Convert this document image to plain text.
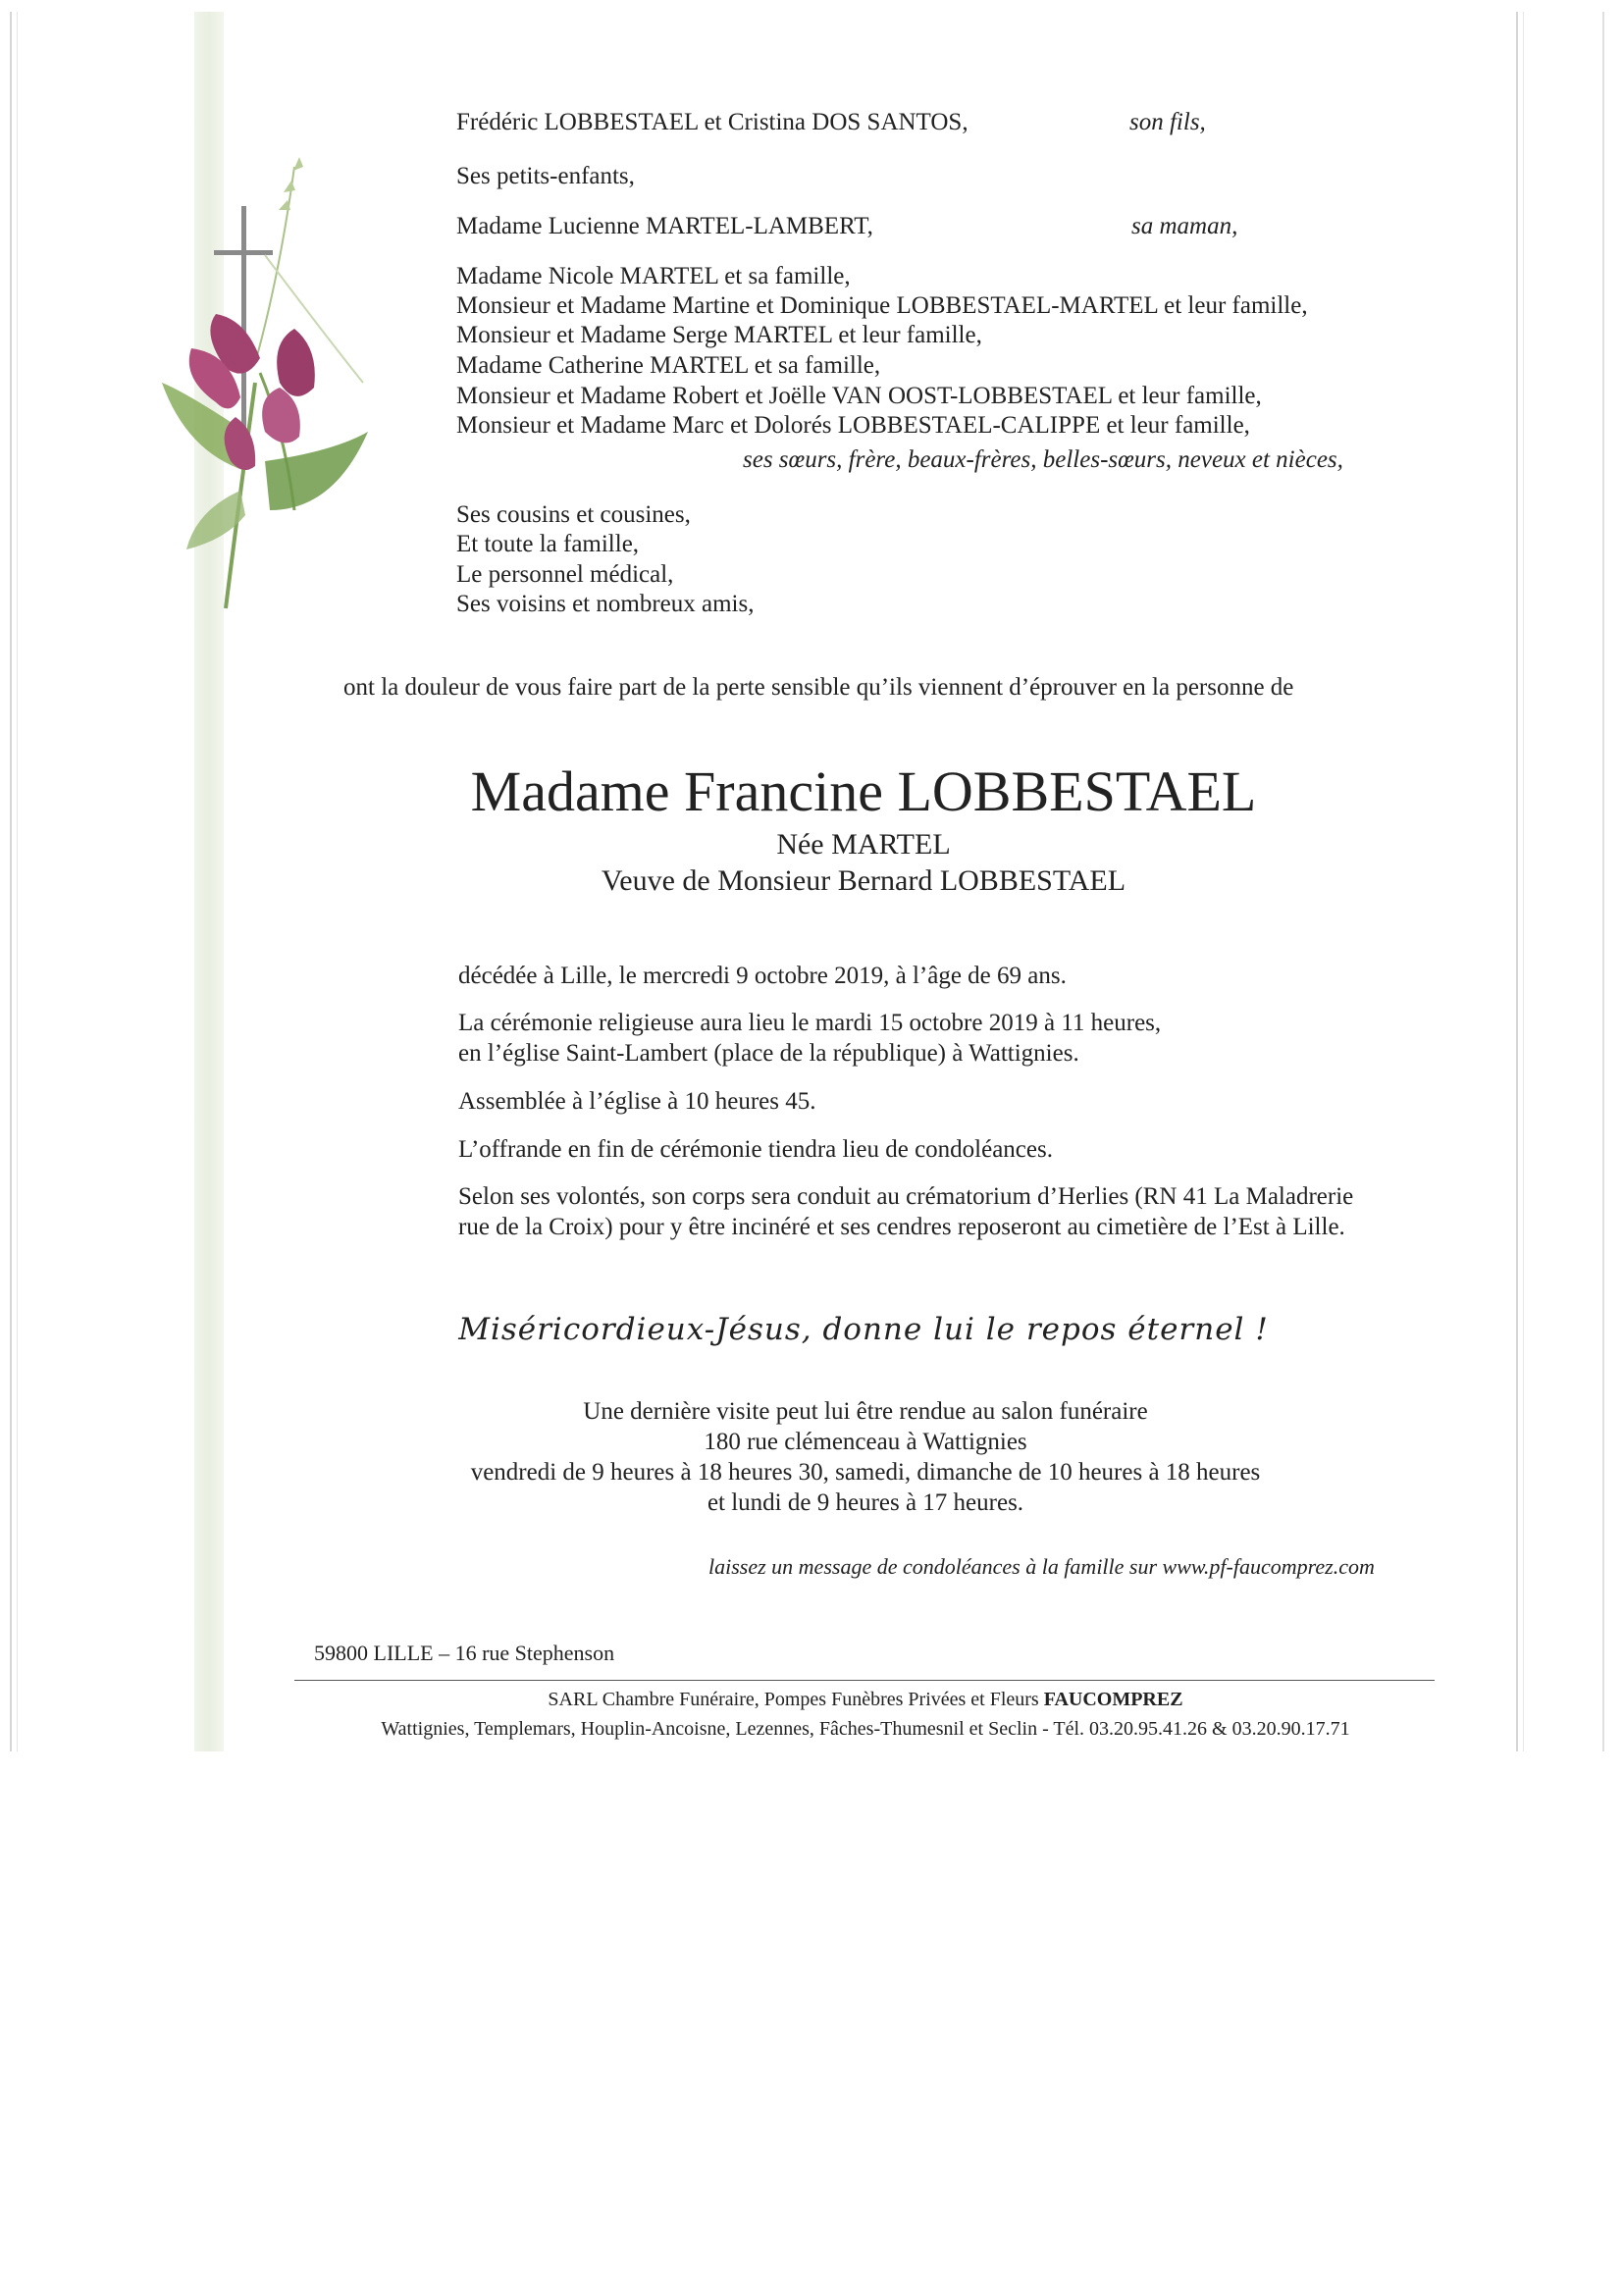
Frédéric LOBBESTAEL et Cristina DOS SANTOS,	son fils,
Ses petits-enfants,
Madame Lucienne MARTEL-LAMBERT,	sa maman,
Madame Nicole MARTEL et sa famille,
Monsieur et Madame Martine et Dominique LOBBESTAEL-MARTEL et leur famille,
Monsieur et Madame Serge MARTEL et leur famille,
Madame Catherine MARTEL et sa famille,
Monsieur et Madame Robert et Joëlle VAN OOST-LOBBESTAEL et leur famille,
Monsieur et Madame Marc et Dolorés LOBBESTAEL-CALIPPE et leur famille,
ses sœurs, frère, beaux-frères, belles-sœurs, neveux et nièces,
Ses cousins et cousines,
Et toute la famille,
Le personnel médical,
Ses voisins et nombreux amis,
ont la douleur de vous faire part de la perte sensible qu’ils viennent d’éprouver en la personne de
Madame Francine LOBBESTAEL
Née MARTEL
Veuve de Monsieur Bernard LOBBESTAEL
décédée à Lille, le mercredi 9 octobre 2019, à l’âge de 69 ans.
La cérémonie religieuse aura lieu le mardi 15 octobre 2019 à 11 heures,
en l’église Saint-Lambert (place de la république) à Wattignies.
Assemblée à l’église à 10 heures 45.
L’offrande en fin de cérémonie tiendra lieu de condoléances.
Selon ses volontés, son corps sera conduit au crématorium d’Herlies (RN 41 La Maladrerie
rue de la Croix) pour y être incinéré et ses cendres reposeront au cimetière de l’Est à Lille.
Miséricordieux-Jésus, donne lui le repos éternel !
Une dernière visite peut lui être rendue au salon funéraire
180 rue clémenceau à Wattignies
vendredi de 9 heures à 18 heures 30, samedi, dimanche de 10 heures à 18 heures
et lundi de 9 heures à 17 heures.
laissez un message de condoléances à la famille sur www.pf-faucomprez.com
59800 LILLE – 16 rue Stephenson
SARL Chambre Funéraire, Pompes Funèbres Privées et Fleurs FAUCOMPREZ
Wattignies, Templemars, Houplin-Ancoisne, Lezennes, Fâches-Thumesnil et Seclin - Tél. 03.20.95.41.26 & 03.20.90.17.71
